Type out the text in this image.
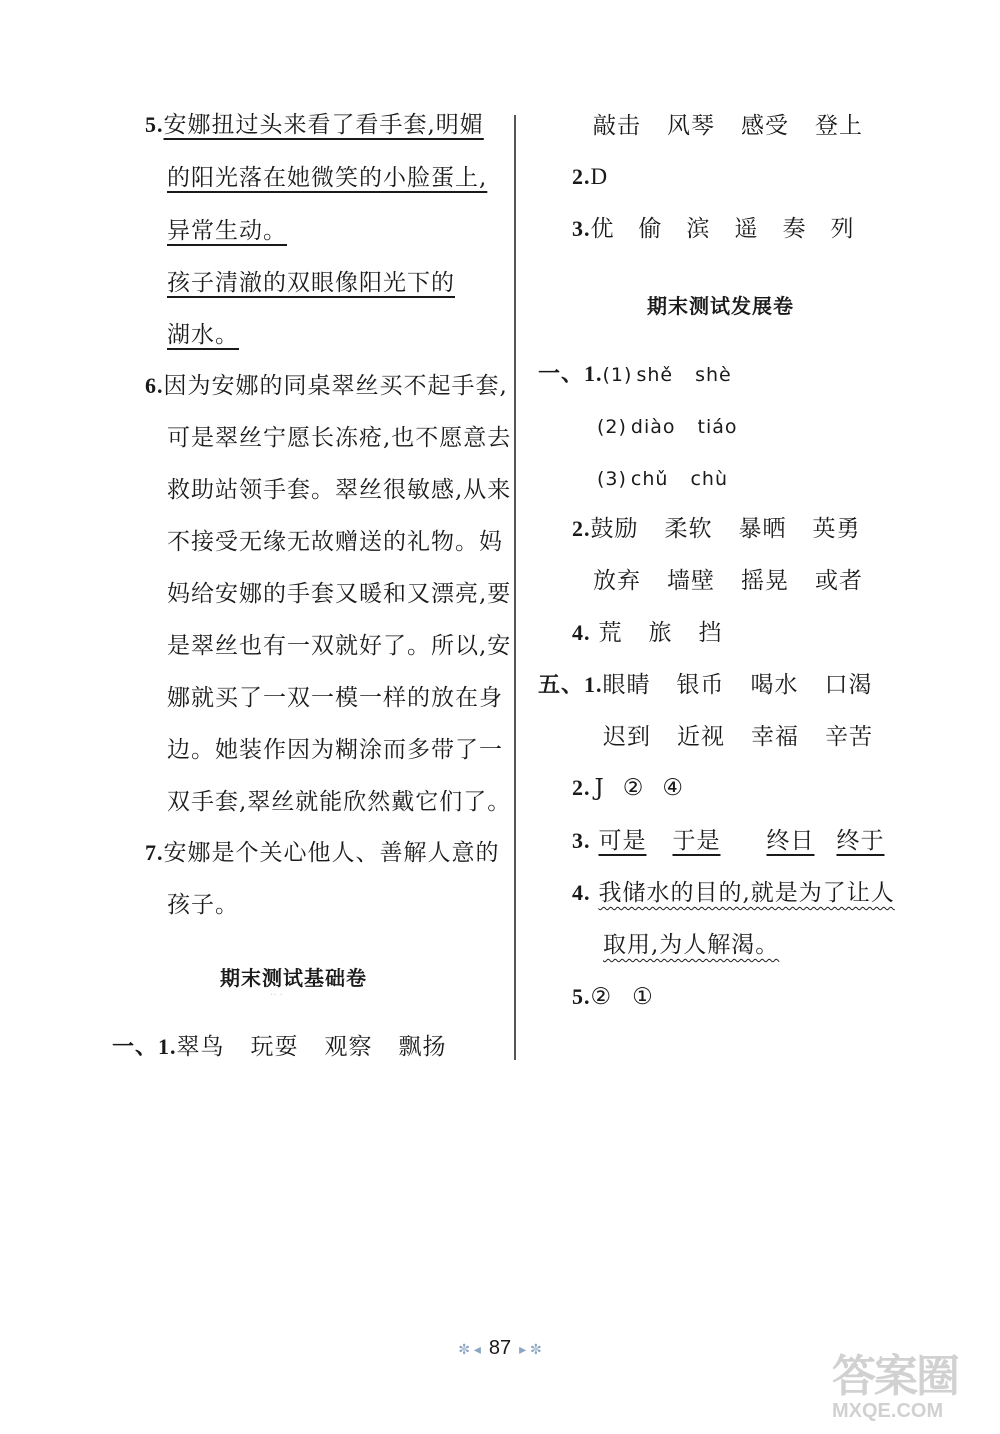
5.安娜扭过头来看了看手套,明媚
的阳光落在她微笑的小脸蛋上,
异常生动。
孩子清澈的双眼像阳光下的
湖水。
6.因为安娜的同桌翠丝买不起手套,
可是翠丝宁愿长冻疮,也不愿意去
救助站领手套。翠丝很敏感,从来
不接受无缘无故赠送的礼物。妈
妈给安娜的手套又暖和又漂亮,要
是翠丝也有一双就好了。所以,安
娜就买了一双一模一样的放在身
边。她装作因为糊涂而多带了一
双手套,翠丝就能欣然戴它们了。
7.安娜是个关心他人、善解人意的
孩子。
期末测试基础卷
·· ·
一、1.翠鸟 玩耍 观察 飘扬
敲击 风琴 感受 登上
2.D
3.优 偷 滨 遥 奏 列
期末测试发展卷
一、1.(1) shě shè
(2) diào tiáo
(3) chǔ chù
2.鼓励 柔软 暴晒 英勇
放弃 墙壁 摇晃 或者
4. 荒 旅 挡
五、1.眼睛 银币 喝水 口渴
迟到 近视 幸福 辛苦
2. J ② ④
3. 可是 于是 终日 终于
4. 我储水的目的,就是为了让人
取用,为人解渴。
5.② ①
✼ ◂ 87 ▸ ✼
答案圈
MXQE.COM
